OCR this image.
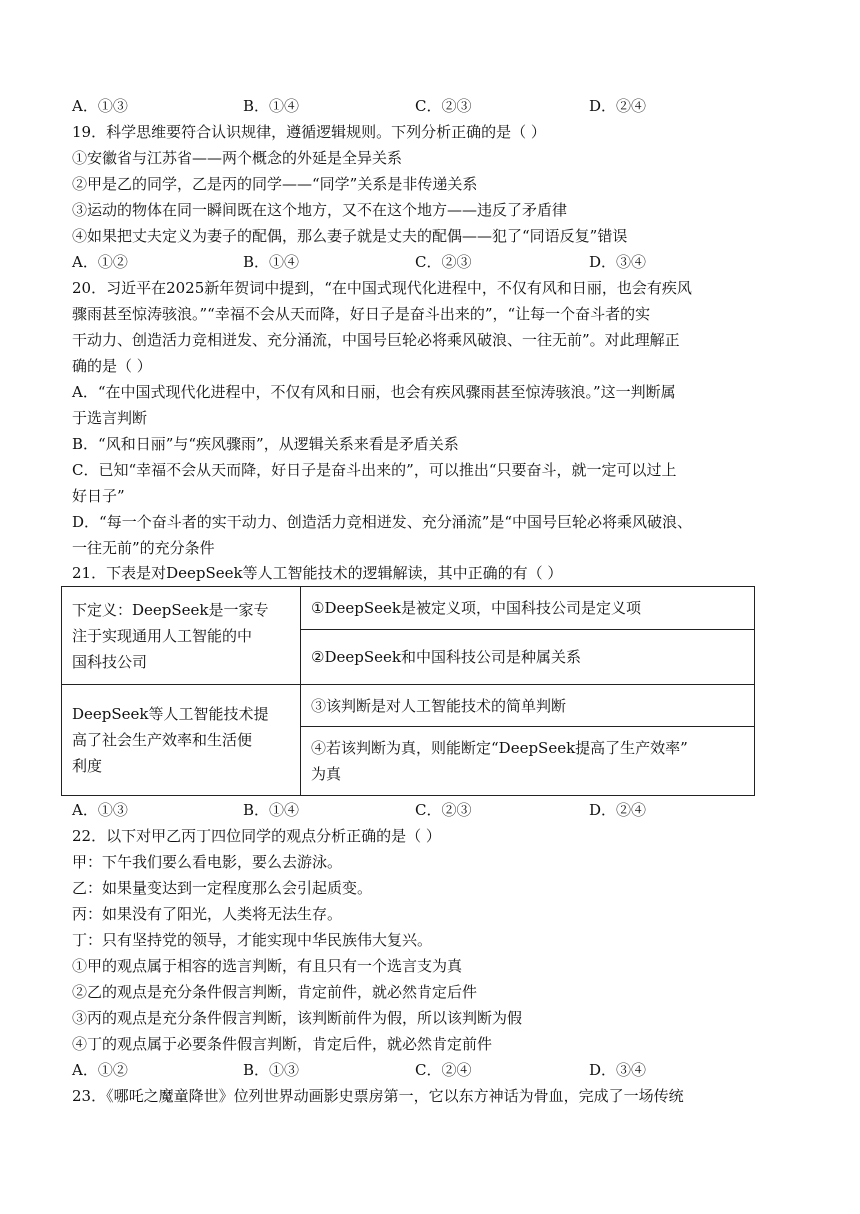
A．①③	B．①④	C．②③	D．②④
19．科学思维要符合认识规律，遵循逻辑规则。下列分析正确的是（ ）
①安徽省与江苏省——两个概念的外延是全异关系
②甲是乙的同学，乙是丙的同学——“同学”关系是非传递关系
③运动的物体在同一瞬间既在这个地方，又不在这个地方——违反了矛盾律
④如果把丈夫定义为妻子的配偶，那么妻子就是丈夫的配偶——犯了“同语反复”错误
A．①②	B．①④	C．②③	D．③④
20．习近平在2025新年贺词中提到，“在中国式现代化进程中，不仅有风和日丽，也会有疾风
骤雨甚至惊涛骇浪。”“幸福不会从天而降，好日子是奋斗出来的”，“让每一个奋斗者的实
干动力、创造活力竞相迸发、充分涌流，中国号巨轮必将乘风破浪、一往无前”。对此理解正
确的是（ ）
A．“在中国式现代化进程中，不仅有风和日丽，也会有疾风骤雨甚至惊涛骇浪。”这一判断属
于选言判断
B．“风和日丽”与“疾风骤雨”，从逻辑关系来看是矛盾关系
C．已知“幸福不会从天而降，好日子是奋斗出来的”，可以推出“只要奋斗，就一定可以过上
好日子”
D．“每一个奋斗者的实干动力、创造活力竞相迸发、充分涌流”是“中国号巨轮必将乘风破浪、
一往无前”的充分条件
21．下表是对DeepSeek等人工智能技术的逻辑解读，其中正确的有（ ）
下定义：DeepSeek是一家专
注于实现通用人工智能的中
国科技公司	①DeepSeek是被定义项，中国科技公司是定义项
	②DeepSeek和中国科技公司是种属关系

DeepSeek等人工智能技术提
高了社会生产效率和生活便
利度	③该判断是对人工智能技术的简单判断

	④若该判断为真，则能断定“DeepSeek提高了生产效率”
为真
A．①③	B．①④	C．②③	D．②④
22．以下对甲乙丙丁四位同学的观点分析正确的是（ ）
甲：下午我们要么看电影，要么去游泳。
乙：如果量变达到一定程度那么会引起质变。
丙：如果没有了阳光，人类将无法生存。
丁：只有坚持党的领导，才能实现中华民族伟大复兴。
①甲的观点属于相容的选言判断，有且只有一个选言支为真
②乙的观点是充分条件假言判断，肯定前件，就必然肯定后件
③丙的观点是充分条件假言判断，该判断前件为假，所以该判断为假
④丁的观点属于必要条件假言判断，肯定后件，就必然肯定前件
A．①②	B．①③	C．②④	D．③④
23．《哪吒之魔童降世》位列世界动画影史票房第一，它以东方神话为骨血，完成了一场传统
